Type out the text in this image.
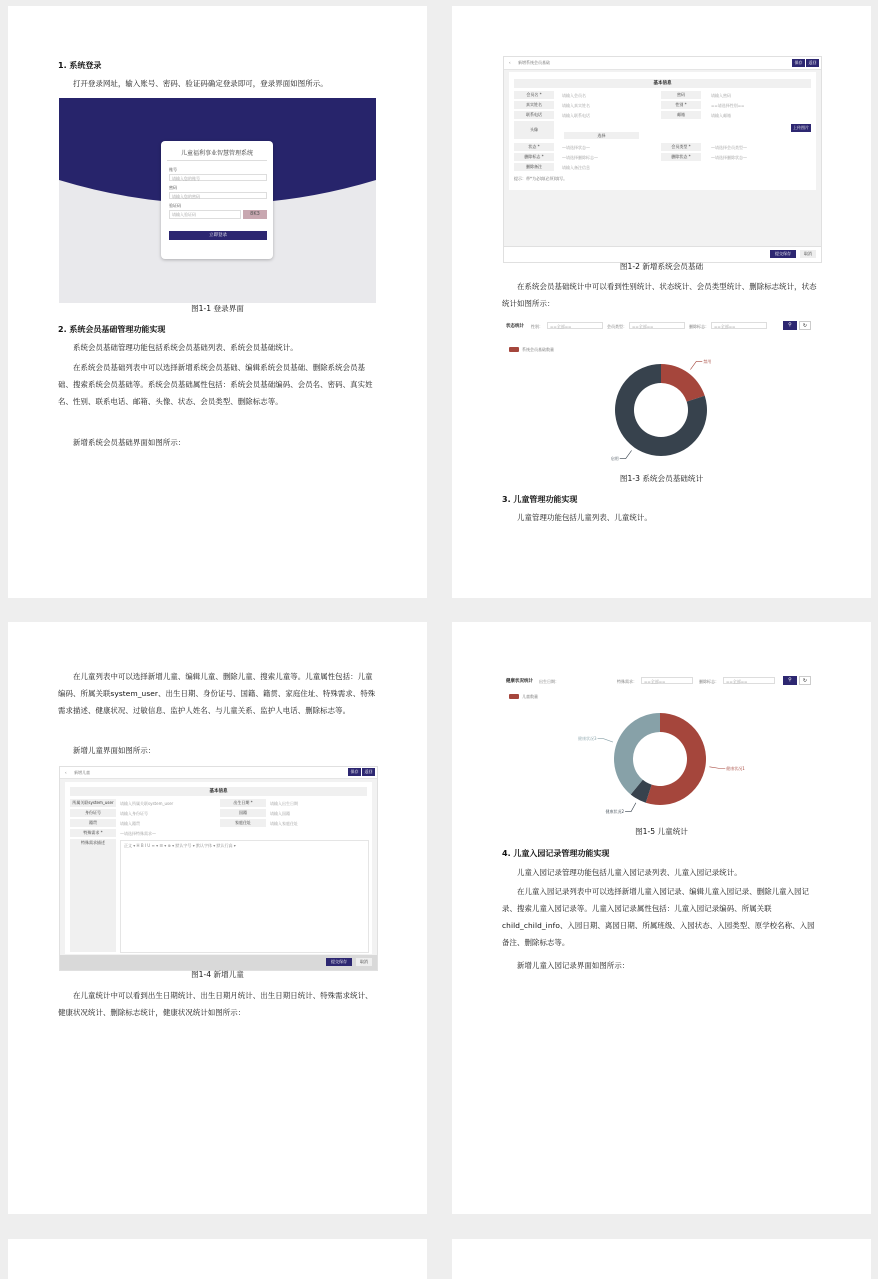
1. 系统登录
打开登录网址，输入账号、密码、验证码确定登录即可，登录界面如图所示。
儿童福利事业智慧管理系统
账号
请输入您的账号
密码
请输入您的密码
验证码
请输入验证码	8K3
立即登录
图1-1 登录界面
2. 系统会员基础管理功能实现
系统会员基础管理功能包括系统会员基础列表、系统会员基础统计。
在系统会员基础列表中可以选择新增系统会员基础、编辑系统会员基础、删除系统会员基础、搜索系统会员基础等。系统会员基础属性包括：系统会员基础编码、会员名、密码、真实姓名、性别、联系电话、邮箱、头像、状态、会员类型、删除标志等。
新增系统会员基础界面如图所示：
‹ 新增系统会员基础	保存	返回
基本信息
会员名 *	请输入会员名	密码	请输入密码
真实姓名	请输入真实姓名	性别 *	==请选择性别==
联系电话	请输入联系电话	邮箱	请输入邮箱
头像	上传图片
选择
状态 *	—请选择状态—	会员类型 *	—请选择会员类型—
删除标志 *	—请选择删除标志—	删除状态 *	—请选择删除状态—
删除备注	请输入备注信息
提示：带*为必填(必须)填写。
提交保存	取消
图1-2 新增系统会员基础
在系统会员基础统计中可以看到性别统计、状态统计、会员类型统计、删除标志统计，状态统计如图所示：
状态统计 性别：	==全部==	会员类型：	==全部==	删除标志：	==全部==	⚲	↻
系统会员基础数量
禁用
启用
图1-3 系统会员基础统计
3. 儿童管理功能实现
儿童管理功能包括儿童列表、儿童统计。
在儿童列表中可以选择新增儿童、编辑儿童、删除儿童、搜索儿童等。儿童属性包括：儿童编码、所属关联system_user、出生日期、身份证号、国籍、籍贯、家庭住址、特殊需求、特殊需求描述、健康状况、过敏信息、监护人姓名、与儿童关系、监护人电话、删除标志等。
新增儿童界面如图所示：
‹ 新增儿童	保存	返回
基本信息
所属关联system_user	请输入所属关联system_user	出生日期 *	请输入出生日期
身份证号	请输入身份证号	国籍	请输入国籍
籍贯	请输入籍贯	家庭住址	请输入家庭住址
特殊需求 *	—请选择特殊需求—
特殊需求描述
正文 ▾ H B I U ≡ ▾ ☰ ▾ ⊕ ▾ 默认字号 ▾ 默认字体 ▾ 默认行高 ▾
提交保存	取消
图1-4 新增儿童
在儿童统计中可以看到出生日期统计、出生日期月统计、出生日期日统计、特殊需求统计、健康状况统计、删除标志统计，健康状况统计如图所示：
健康状况统计 出生日期：	特殊需求：	==全部==	删除标志：	==全部==	⚲	↻
儿童数量
健康状况1
健康状况2
健康状况3
图1-5 儿童统计
4. 儿童入园记录管理功能实现
儿童入园记录管理功能包括儿童入园记录列表、儿童入园记录统计。
在儿童入园记录列表中可以选择新增儿童入园记录、编辑儿童入园记录、删除儿童入园记录、搜索儿童入园记录等。儿童入园记录属性包括：儿童入园记录编码、所属关联child_child_info、入园日期、离园日期、所属班级、入园状态、入园类型、原学校名称、入园备注、删除标志等。
新增儿童入园记录界面如图所示：
